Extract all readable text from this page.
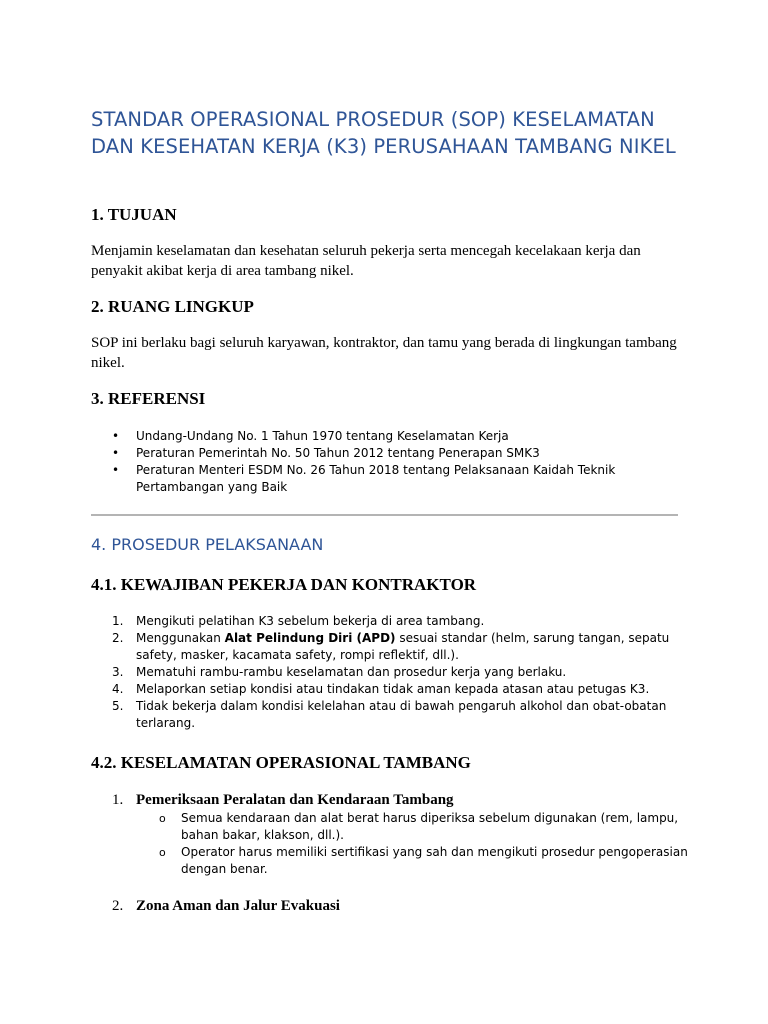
STANDAR OPERASIONAL PROSEDUR (SOP) KESELAMATAN DAN KESEHATAN KERJA (K3) PERUSAHAAN TAMBANG NIKEL
1. TUJUAN
Menjamin keselamatan dan kesehatan seluruh pekerja serta mencegah kecelakaan kerja dan penyakit akibat kerja di area tambang nikel.
2. RUANG LINGKUP
SOP ini berlaku bagi seluruh karyawan, kontraktor, dan tamu yang berada di lingkungan tambang nikel.
3. REFERENSI
• Undang-Undang No. 1 Tahun 1970 tentang Keselamatan Kerja
• Peraturan Pemerintah No. 50 Tahun 2012 tentang Penerapan SMK3
• Peraturan Menteri ESDM No. 26 Tahun 2018 tentang Pelaksanaan Kaidah Teknik Pertambangan yang Baik
4. PROSEDUR PELAKSANAAN
4.1. KEWAJIBAN PEKERJA DAN KONTRAKTOR
1. Mengikuti pelatihan K3 sebelum bekerja di area tambang.
2. Menggunakan Alat Pelindung Diri (APD) sesuai standar (helm, sarung tangan, sepatu safety, masker, kacamata safety, rompi reflektif, dll.).
3. Mematuhi rambu-rambu keselamatan dan prosedur kerja yang berlaku.
4. Melaporkan setiap kondisi atau tindakan tidak aman kepada atasan atau petugas K3.
5. Tidak bekerja dalam kondisi kelelahan atau di bawah pengaruh alkohol dan obat-obatan terlarang.
4.2. KESELAMATAN OPERASIONAL TAMBANG
1. Pemeriksaan Peralatan dan Kendaraan Tambang
o Semua kendaraan dan alat berat harus diperiksa sebelum digunakan (rem, lampu, bahan bakar, klakson, dll.).
o Operator harus memiliki sertifikasi yang sah dan mengikuti prosedur pengoperasian dengan benar.
2. Zona Aman dan Jalur Evakuasi
